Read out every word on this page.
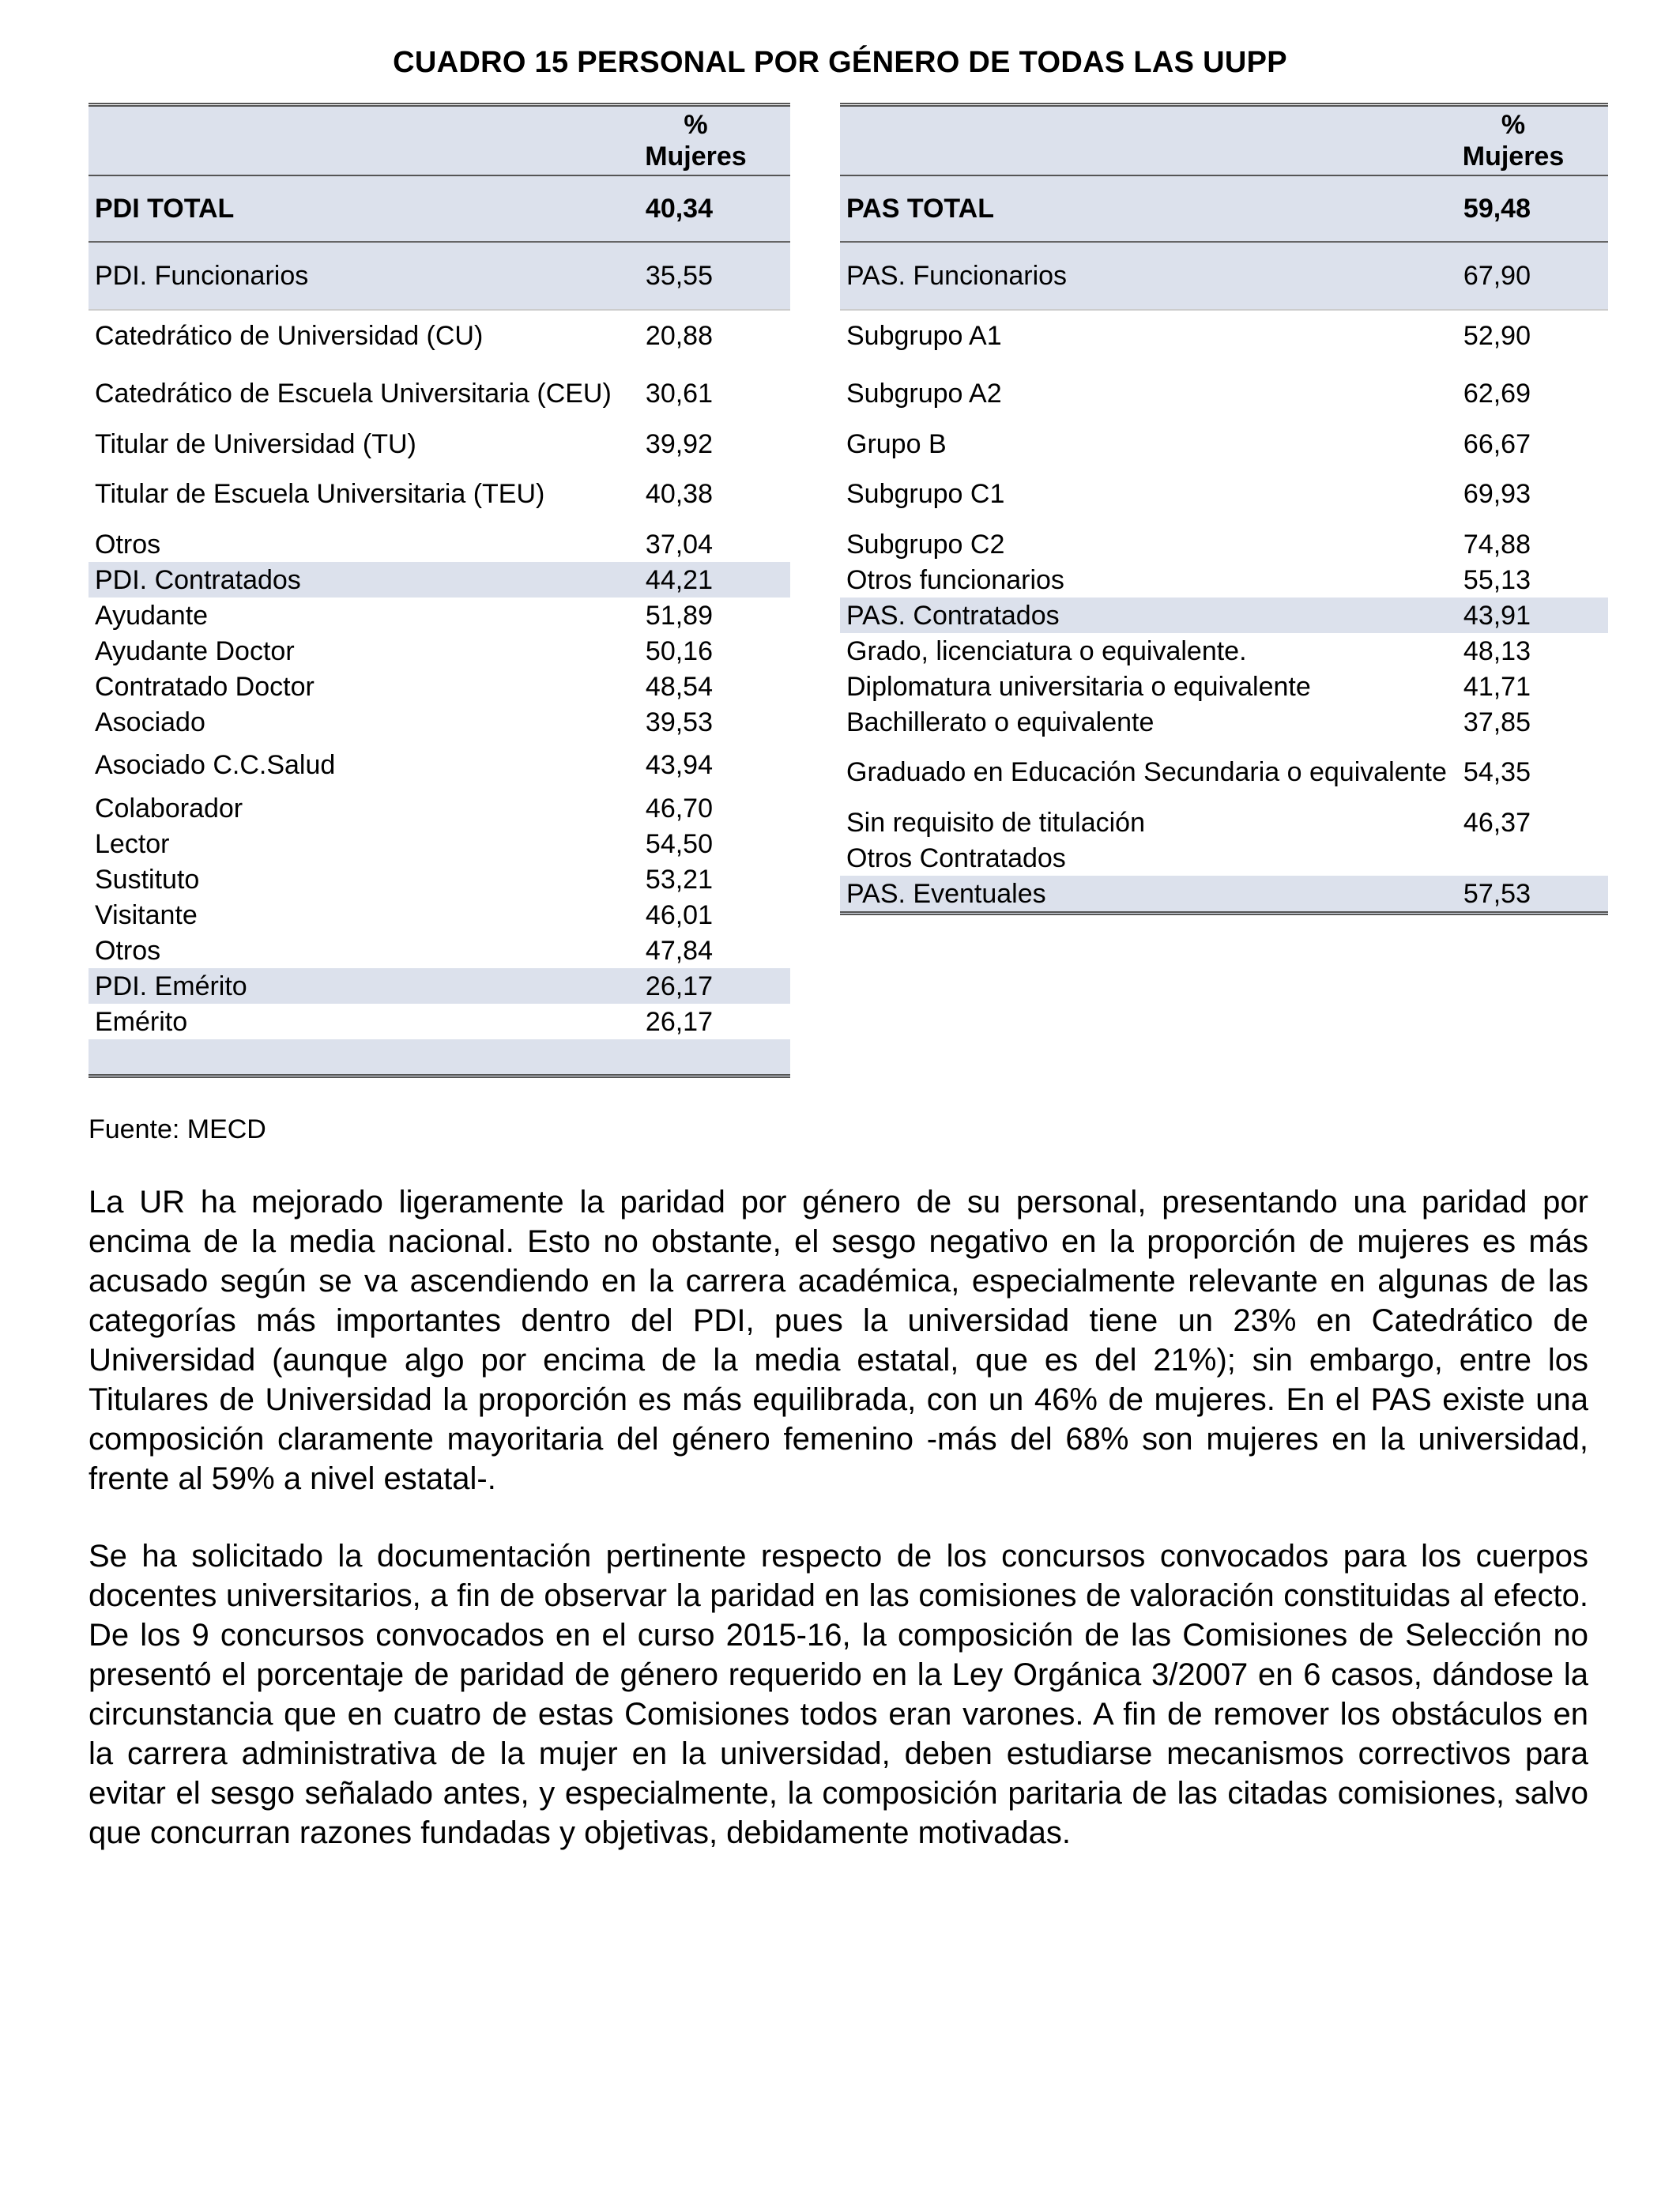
CUADRO 15 PERSONAL POR GÉNERO DE TODAS LAS UUPP
	%
Mujeres
PDI TOTAL	40,34
PDI. Funcionarios	35,55
Catedrático de Universidad (CU)	20,88
Catedrático de Escuela Universitaria (CEU)	30,61
Titular de Universidad (TU)	39,92
Titular de Escuela Universitaria (TEU)	40,38
Otros	37,04
PDI. Contratados	44,21
Ayudante	51,89
Ayudante Doctor	50,16
Contratado Doctor	48,54
Asociado	39,53
Asociado C.C.Salud	43,94
Colaborador	46,70
Lector	54,50
Sustituto	53,21
Visitante	46,01
Otros	47,84
PDI. Emérito	26,17
Emérito	26,17

	%
Mujeres
PAS TOTAL	59,48
PAS. Funcionarios	67,90
Subgrupo A1	52,90
Subgrupo A2	62,69
Grupo B	66,67
Subgrupo C1	69,93
Subgrupo C2	74,88
Otros funcionarios	55,13
PAS. Contratados	43,91
Grado, licenciatura o equivalente.	48,13
Diplomatura universitaria o equivalente	41,71
Bachillerato o equivalente	37,85
Graduado en Educación Secundaria o equivalente	54,35
Sin requisito de titulación	46,37
Otros Contratados	
PAS. Eventuales	57,53
Fuente: MECD
La UR ha mejorado ligeramente la paridad por género de su personal, presentando una paridad por encima de la media nacional. Esto no obstante, el sesgo negativo en la proporción de mujeres es más acusado según se va ascendiendo en la carrera académica, especialmente relevante en algunas de las categorías más importantes dentro del PDI, pues la universidad tiene un 23% en Catedrático de Universidad (aunque algo por encima de la media estatal, que es del 21%); sin embargo, entre los Titulares de Universidad la proporción es más equilibrada, con un 46% de mujeres. En el PAS existe una composición claramente mayoritaria del género femenino -más del 68% son mujeres en la universidad, frente al 59% a nivel estatal-.
Se ha solicitado la documentación pertinente respecto de los concursos convocados para los cuerpos docentes universitarios, a fin de observar la paridad en las comisiones de valoración constituidas al efecto. De los 9 concursos convocados en el curso 2015-16, la composición de las Comisiones de Selección no presentó el porcentaje de paridad de género requerido en la Ley Orgánica 3/2007 en 6 casos, dándose la circunstancia que en cuatro de estas Comisiones todos eran varones. A fin de remover los obstáculos en la carrera administrativa de la mujer en la universidad, deben estudiarse mecanismos correctivos para evitar el sesgo señalado antes, y especialmente, la composición paritaria de las citadas comisiones, salvo que concurran razones fundadas y objetivas, debidamente motivadas.
